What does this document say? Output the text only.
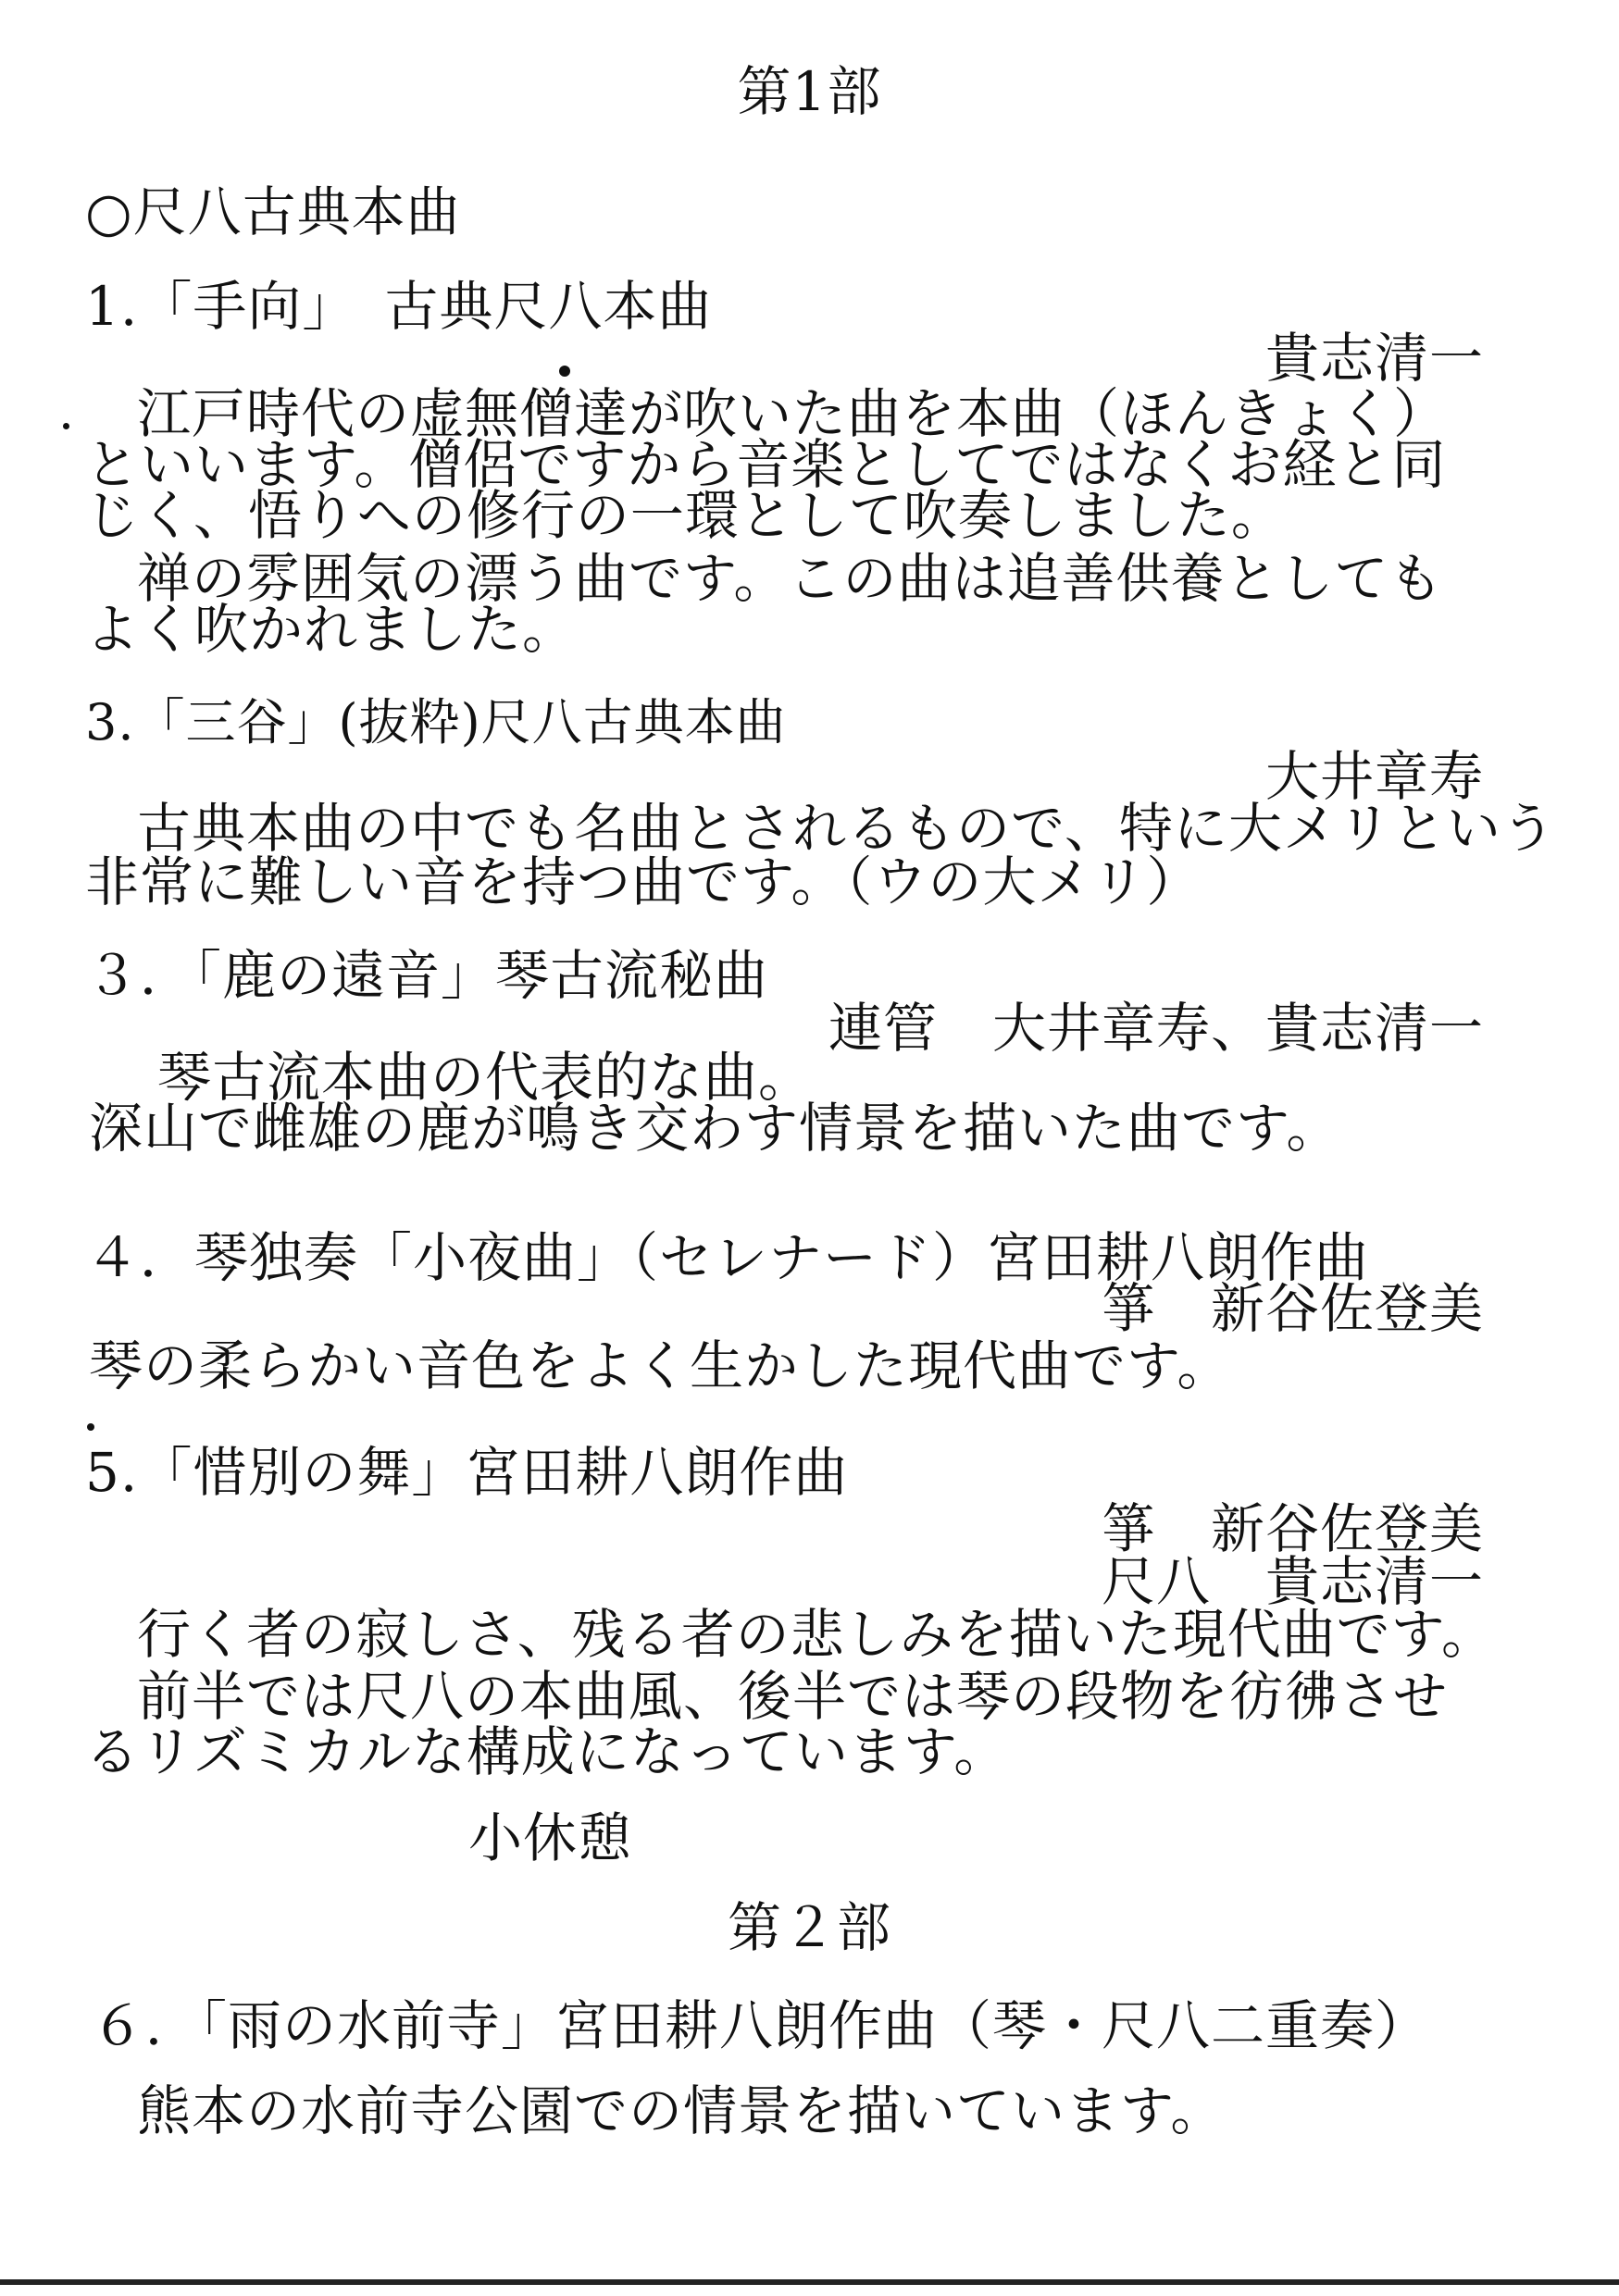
第1部
○尺八古典本曲
1.「手向」　古典尺八本曲

貴志清一

江戸時代の虚無僧達が吹いた曲を本曲（ほんきょく）

といいます。僧侶ですから音楽としてではなくお経と同

じく、悟りへの修行の一環として吹奏しました。

禅の雰囲気の漂う曲です。この曲は追善供養としても

よく吹かれました。

3.「三谷」(抜粋)尺八古典本曲

大井章寿

古典本曲の中でも名曲とされるもので、特に大メリという

非常に難しい音を持つ曲です。（ウの大メリ）

３．「鹿の遠音」琴古流秘曲

連管　大井章寿、貴志清一

琴古流本曲の代表的な曲。

深山で雌雄の鹿が鳴き交わす情景を描いた曲です。

４．琴独奏「小夜曲」（セレナード）宮田耕八朗作曲

箏　新谷佐登美

琴の柔らかい音色をよく生かした現代曲です。

5.「惜別の舞」宮田耕八朗作曲

箏　新谷佐登美

尺八　貴志清一

行く者の寂しさ、残る者の悲しみを描いた現代曲です。

前半では尺八の本曲風、後半では琴の段物を彷彿させ

るリズミカルな構成になっています。

小休憩

第２部
６．「雨の水前寺」宮田耕八朗作曲（琴・尺八二重奏）

熊本の水前寺公園での情景を描いています。
